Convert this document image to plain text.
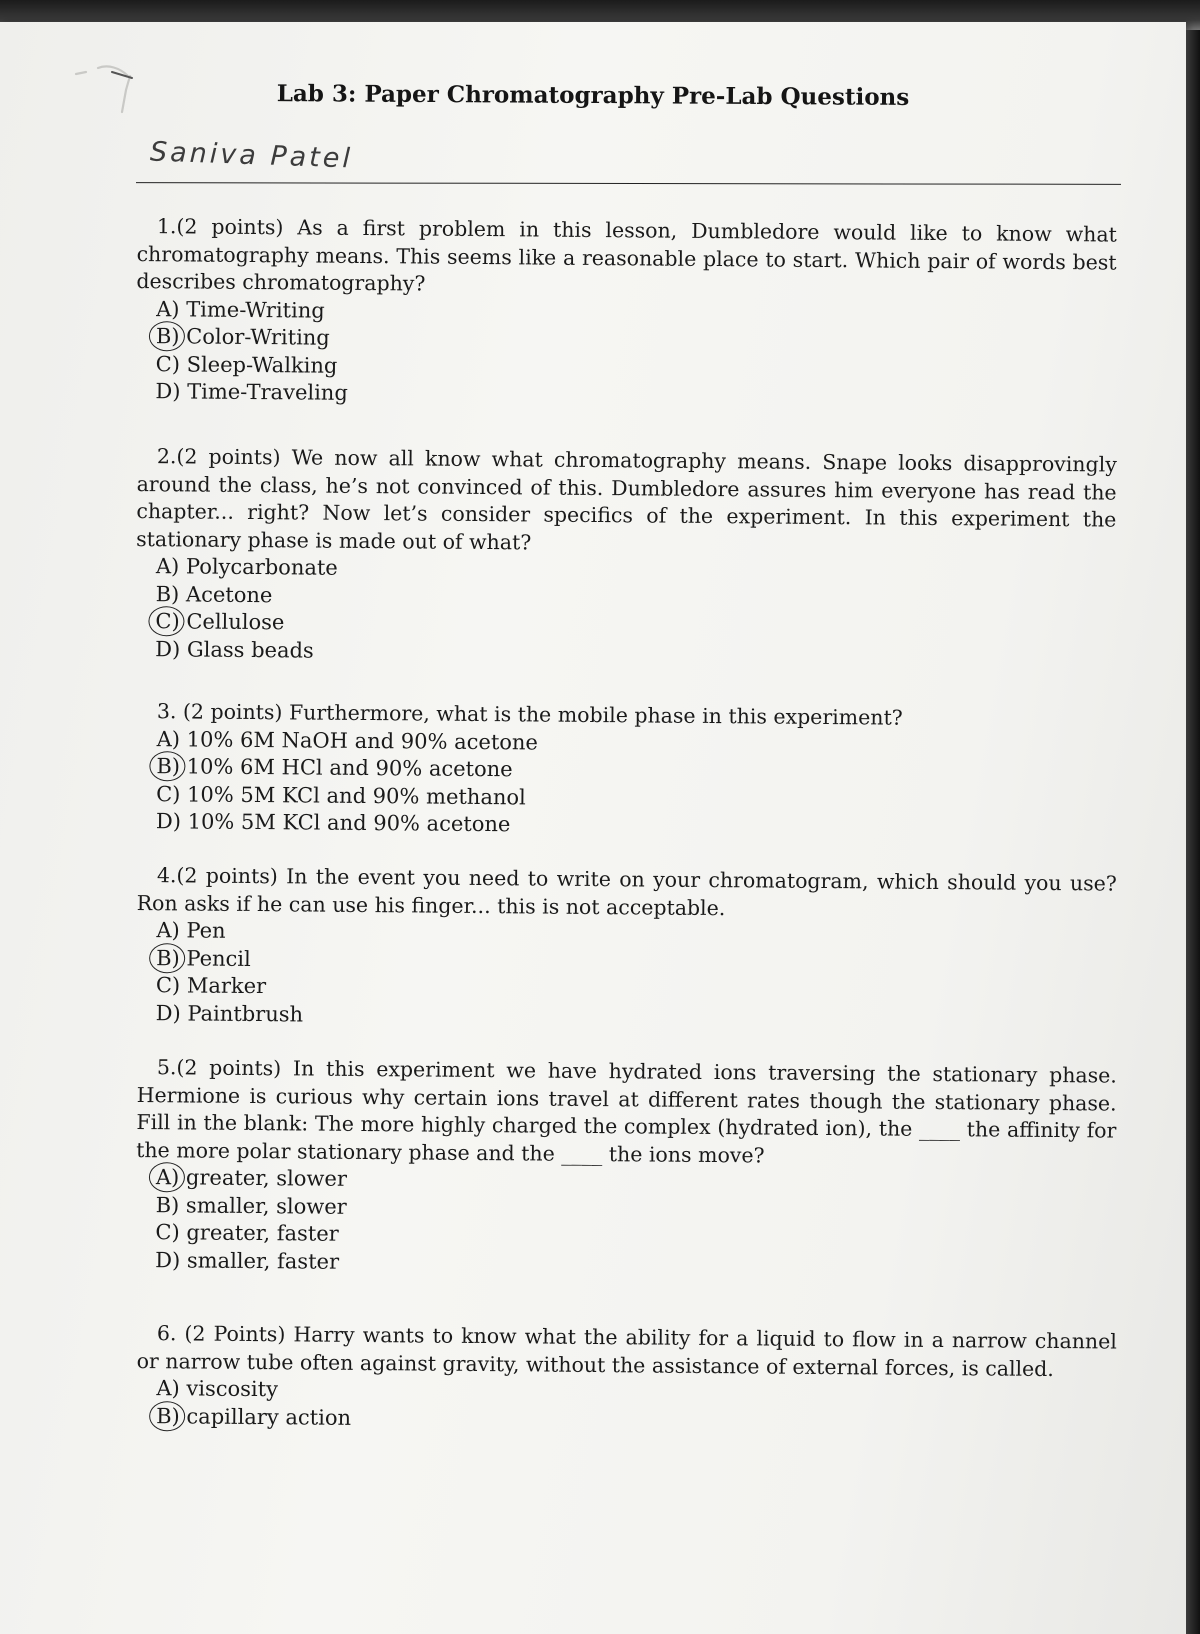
Lab 3: Paper Chromatography Pre-Lab Questions
Saniva Patel
1.(2 points) As a first problem in this lesson, Dumbledore would like to know what chromatography means. This seems like a reasonable place to start. Which pair of words best describes chromatography?
A) Time-Writing
B) Color-Writing
C) Sleep-Walking
D) Time-Traveling
2.(2 points) We now all know what chromatography means. Snape looks disapprovingly around the class, he’s not convinced of this. Dumbledore assures him everyone has read the chapter... right? Now let’s consider specifics of the experiment. In this experiment the stationary phase is made out of what?
A) Polycarbonate
B) Acetone
C) Cellulose
D) Glass beads
3. (2 points) Furthermore, what is the mobile phase in this experiment?
A) 10% 6M NaOH and 90% acetone
B) 10% 6M HCl and 90% acetone
C) 10% 5M KCl and 90% methanol
D) 10% 5M KCl and 90% acetone
4.(2 points) In the event you need to write on your chromatogram, which should you use? Ron asks if he can use his finger... this is not acceptable.
A) Pen
B) Pencil
C) Marker
D) Paintbrush
5.(2 points) In this experiment we have hydrated ions traversing the stationary phase. Hermione is curious why certain ions travel at different rates though the stationary phase. Fill in the blank: The more highly charged the complex (hydrated ion), the ____ the affinity for the more polar stationary phase and the ____ the ions move?
A) greater, slower
B) smaller, slower
C) greater, faster
D) smaller, faster
6. (2 Points) Harry wants to know what the ability for a liquid to flow in a narrow channel or narrow tube often against gravity, without the assistance of external forces, is called.
A) viscosity
B) capillary action
